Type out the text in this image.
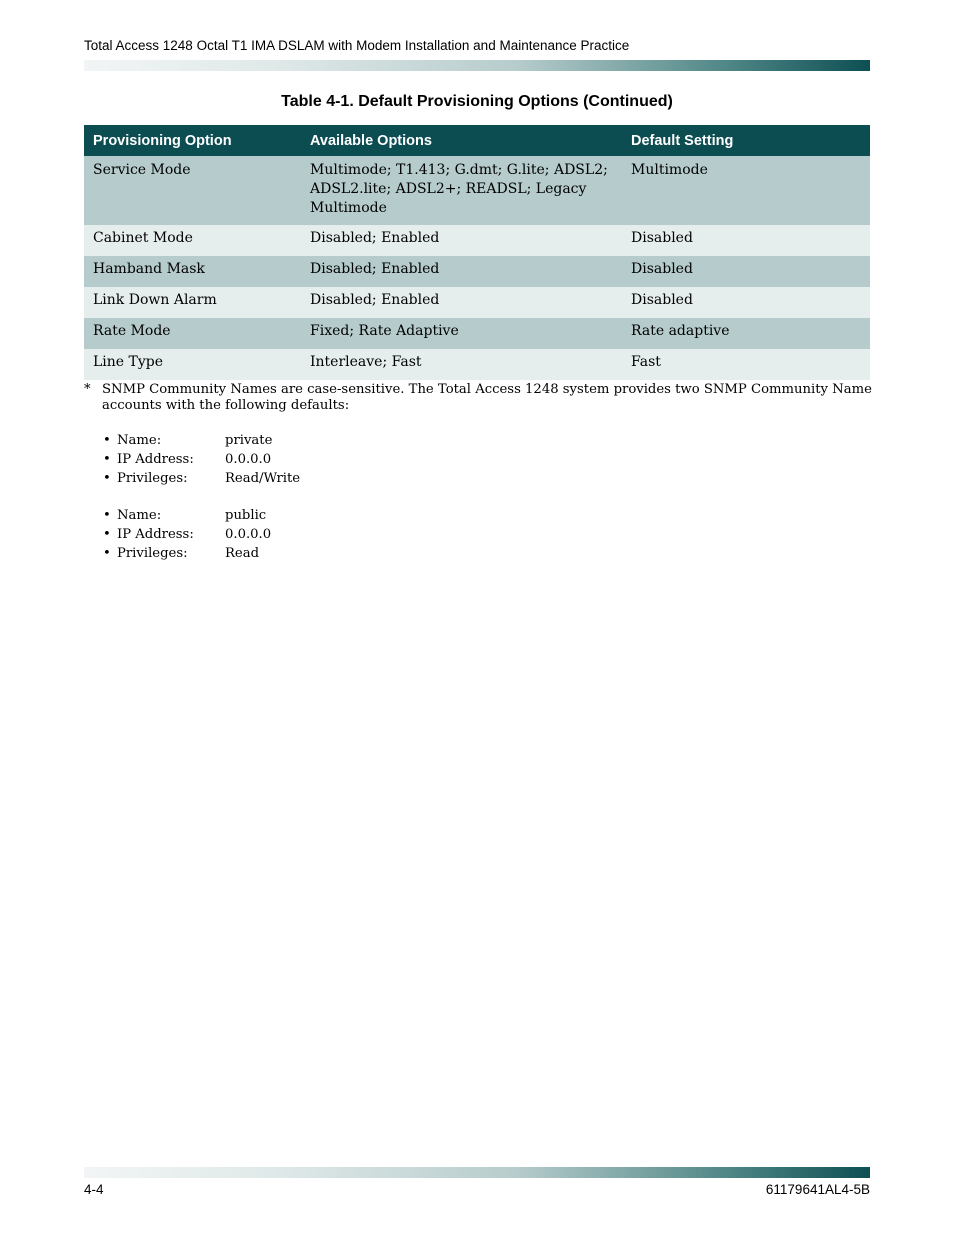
Total Access 1248 Octal T1 IMA DSLAM with Modem Installation and Maintenance Practice
Table 4-1. Default Provisioning Options (Continued)
Provisioning Option	Available Options	Default Setting
Service Mode	Multimode; T1.413; G.dmt; G.lite; ADSL2; ADSL2.lite; ADSL2+; READSL; Legacy Multimode	Multimode
Cabinet Mode	Disabled; Enabled	Disabled
Hamband Mask	Disabled; Enabled	Disabled
Link Down Alarm	Disabled; Enabled	Disabled
Rate Mode	Fixed; Rate Adaptive	Rate adaptive
Line Type	Interleave; Fast	Fast
* SNMP Community Names are case-sensitive. The Total Access 1248 system provides two SNMP Community Name accounts with the following defaults:
• Name:	private
• IP Address:	0.0.0.0
• Privileges:	Read/Write
• Name:	public
• IP Address:	0.0.0.0
• Privileges:	Read
4-4	61179641AL4-5B
